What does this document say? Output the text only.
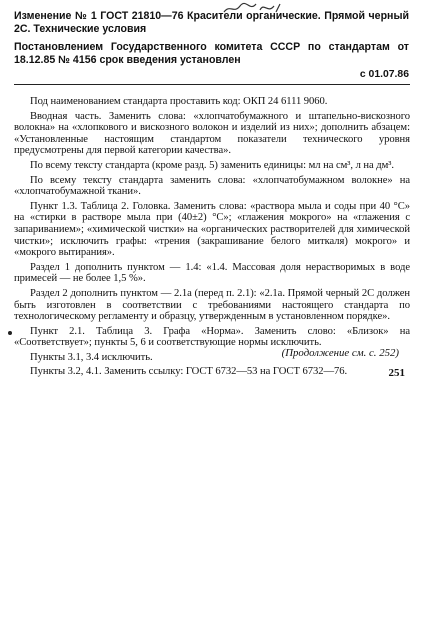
Изменение № 1 ГОСТ 21810—76 Красители органические. Прямой черный 2С. Технические условия
Постановлением Государственного комитета СССР по стандартам от 18.12.85 № 4156 срок введения установлен
с 01.07.86

Под наименованием стандарта проставить код: ОКП 24 6111 9060.

Вводная часть. Заменить слова: «хлопчатобумажного и штапельно-вискозного волокна» на «хлопкового и вискозного волокон и изделий из них»; дополнить абзацем: «Установленные настоящим стандартом показатели технического уровня предусмотрены для первой категории качества».

По всему тексту стандарта (кроме разд. 5) заменить единицы: мл на см³, л на дм³.

По всему тексту стандарта заменить слова: «хлопчатобумажном волокне» на «хлопчатобумажной ткани».

Пункт 1.3. Таблица 2. Головка. Заменить слова: «раствора мыла и соды при 40 °С» на «стирки в растворе мыла при (40±2) °С»; «глажения мокрого» на «глажения с запариванием»; «химической чистки» на «органических растворителей для химической чистки»; исключить графы: «трения (закрашивание белого миткаля) мокрого» и «мокрого вытирания».

Раздел 1 дополнить пунктом — 1.4: «1.4. Массовая доля нерастворимых в воде примесей — не более 1,5 %».

Раздел 2 дополнить пунктом — 2.1а (перед п. 2.1): «2.1а. Прямой черный 2С должен быть изготовлен в соответствии с требованиями настоящего стандарта по технологическому регламенту и образцу, утвержденным в установленном порядке».

Пункт 2.1. Таблица 3. Графа «Норма». Заменить слово: «Близок» на «Соответствует»; пункты 5, 6 и соответствующие нормы исключить.

Пункты 3.1, 3.4 исключить.

Пункты 3.2, 4.1. Заменить ссылку: ГОСТ 6732—53 на ГОСТ 6732—76.

(Продолжение см. с. 252)
251
